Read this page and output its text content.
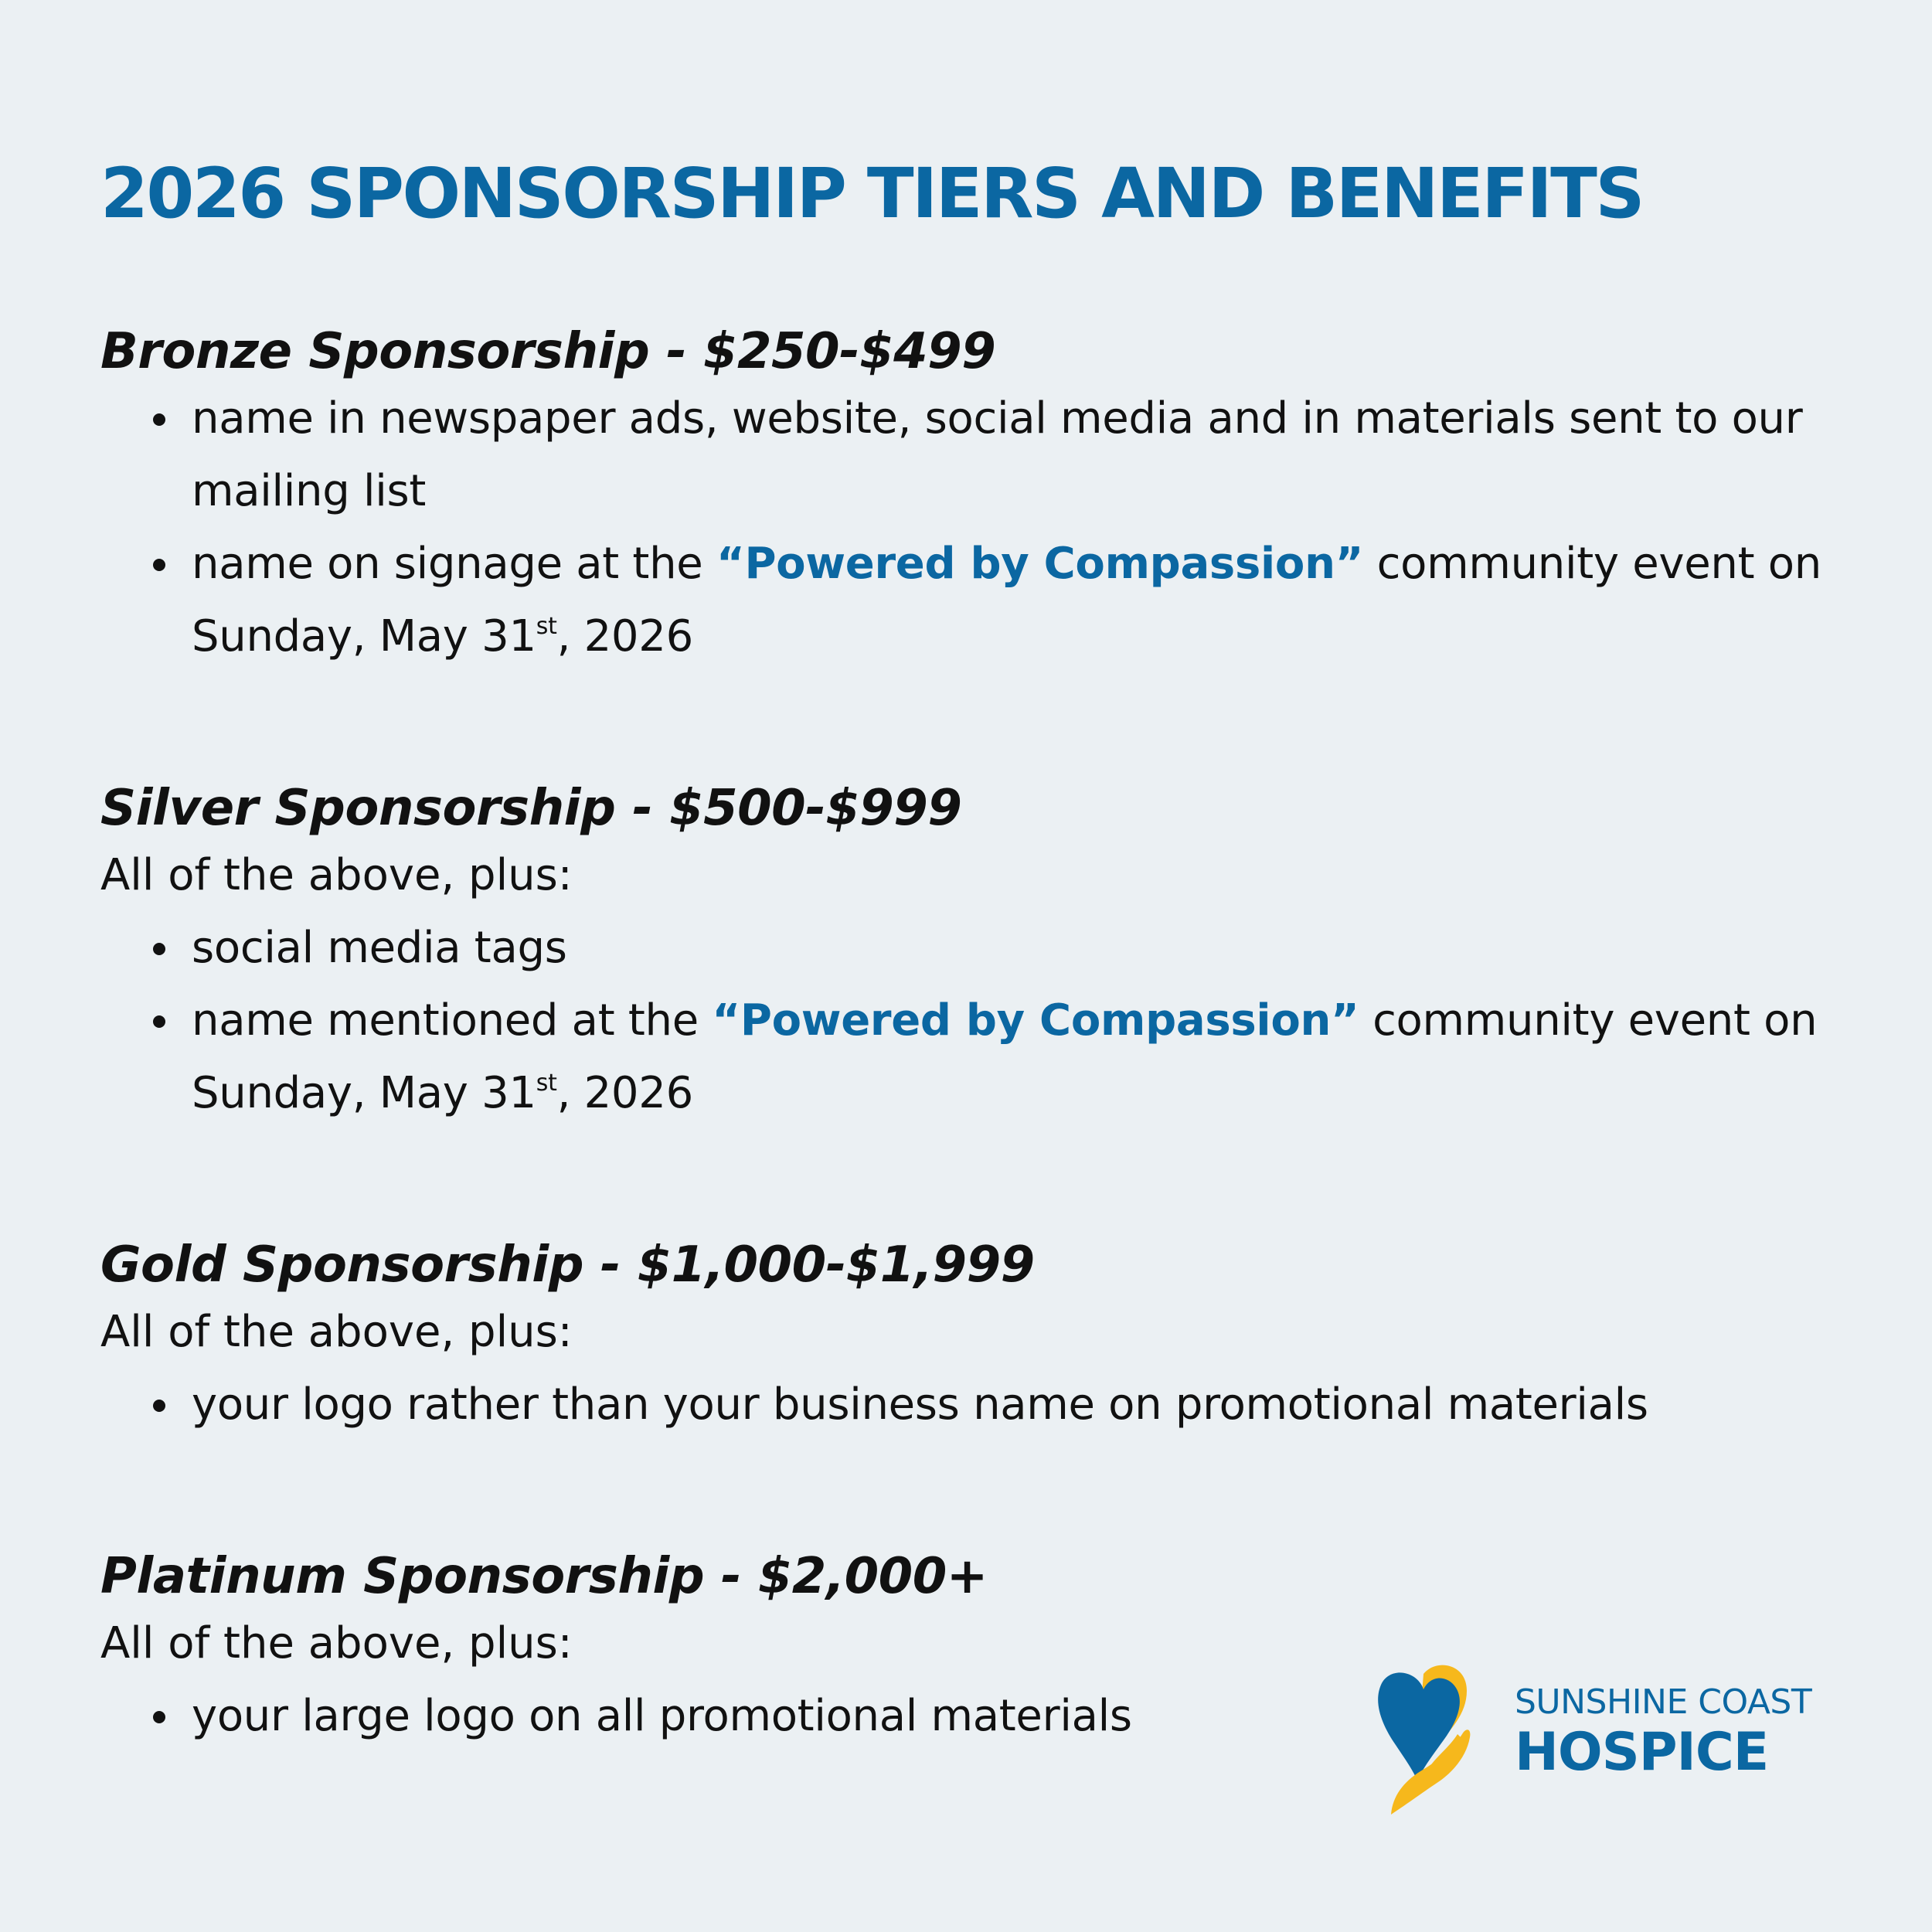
2026 SPONSORSHIP TIERS AND BENEFITS
Bronze Sponsorship - $250-$499
name in newspaper ads, website, social media and in materials sent to our mailing list
name on signage at the “Powered by Compassion” community event on Sunday, May 31st, 2026
Silver Sponsorship - $500-$999

All of the above, plus:

social media tags
name mentioned at the “Powered by Compassion” community event on Sunday, May 31st, 2026
Gold Sponsorship - $1,000-$1,999

All of the above, plus:

your logo rather than your business name on promotional materials
Platinum Sponsorship - $2,000+

All of the above, plus:

your large logo on all promotional materials	SUNSHINE COAST
HOSPICE
